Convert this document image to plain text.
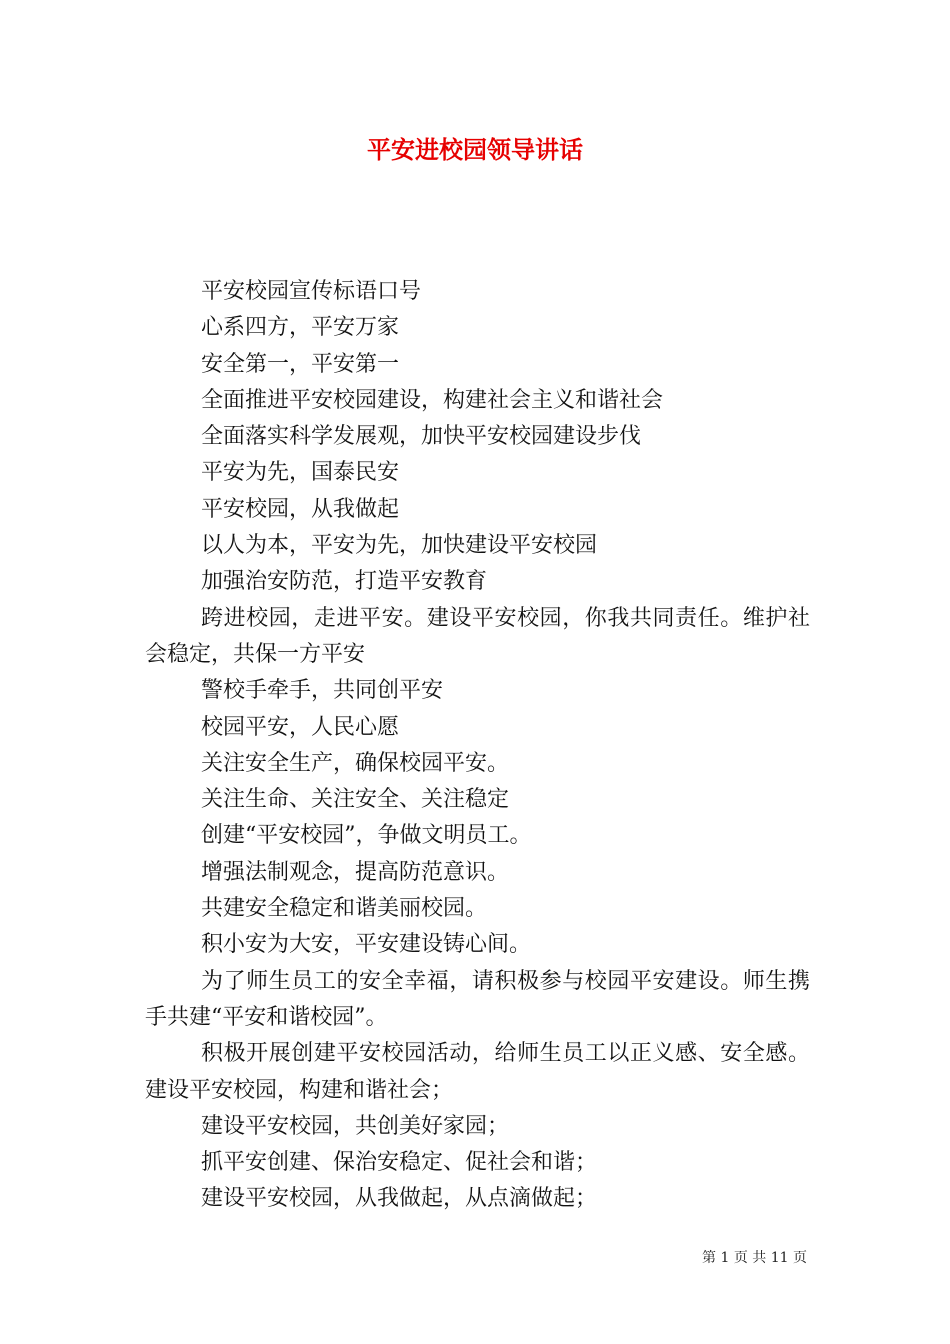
平安进校园领导讲话

平安校园宣传标语口号

心系四方，平安万家

安全第一，平安第一

全面推进平安校园建设，构建社会主义和谐社会

全面落实科学发展观，加快平安校园建设步伐

平安为先，国泰民安

平安校园，从我做起

以人为本，平安为先，加快建设平安校园

加强治安防范，打造平安教育

跨进校园，走进平安。建设平安校园，你我共同责任。维护社会稳定，共保一方平安

警校手牵手，共同创平安

校园平安，人民心愿

关注安全生产，确保校园平安。

关注生命、关注安全、关注稳定

创建“平安校园”，争做文明员工。

增强法制观念，提高防范意识。

共建安全稳定和谐美丽校园。

积小安为大安，平安建设铸心间。

为了师生员工的安全幸福，请积极参与校园平安建设。师生携手共建“平安和谐校园”。

积极开展创建平安校园活动，给师生员工以正义感、安全感。建设平安校园，构建和谐社会；

建设平安校园，共创美好家园；

抓平安创建、保治安稳定、促社会和谐；

建设平安校园，从我做起，从点滴做起；

第 1 页 共 11 页
